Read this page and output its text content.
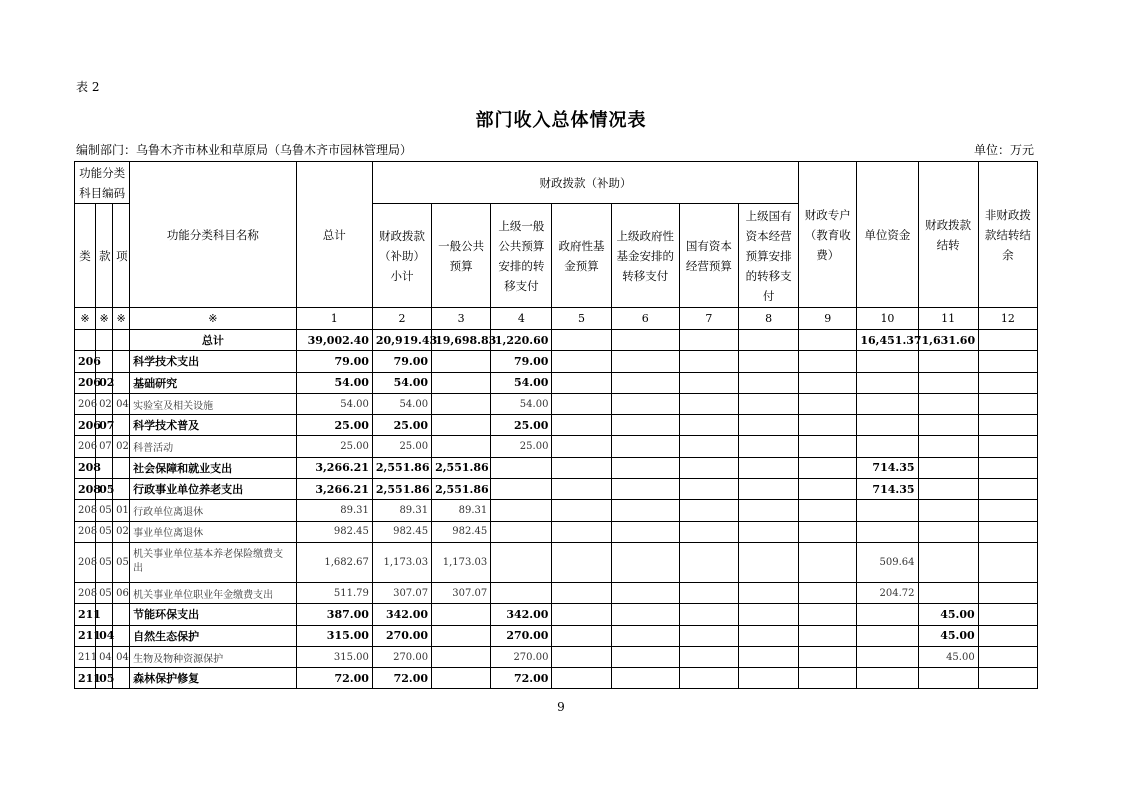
表 2
部门收入总体情况表
编制部门：乌鲁木齐市林业和草原局（乌鲁木齐市园林管理局）	单位：万元
功能分类科目编码			功能分类科目名称	总计	财政拨款（补助）							财政专户（教育收费）	单位资金	财政拨款结转	非财政拨款结转结余
类	款	项			财政拨款（补助）小计	一般公共预算	上级一般公共预算安排的转移支付	政府性基金预算	上级政府性基金安排的转移支付	国有资本经营预算	上级国有资本经营预算安排的转移支付				
※	※	※	※	1	2	3	4	5	6	7	8	9	10	11	12
			总计	39,002.40	20,919.43	19,698.83	1,220.60						16,451.37	1,631.60	
206			科学技术支出	79.00	79.00		79.00								
206	02		基础研究	54.00	54.00		54.00								
206	02	04	实验室及相关设施	54.00	54.00		54.00								
206	07		科学技术普及	25.00	25.00		25.00								
206	07	02	科普活动	25.00	25.00		25.00								
208			社会保障和就业支出	3,266.21	2,551.86	2,551.86							714.35		
208	05		行政事业单位养老支出	3,266.21	2,551.86	2,551.86							714.35		
208	05	01	行政单位离退休	89.31	89.31	89.31									
208	05	02	事业单位离退休	982.45	982.45	982.45									
208	05	05	机关事业单位基本养老保险缴费支出	1,682.67	1,173.03	1,173.03							509.64		
208	05	06	机关事业单位职业年金缴费支出	511.79	307.07	307.07							204.72		
211			节能环保支出	387.00	342.00		342.00							45.00	
211	04		自然生态保护	315.00	270.00		270.00							45.00	
211	04	04	生物及物种资源保护	315.00	270.00		270.00							45.00	
211	05		森林保护修复	72.00	72.00		72.00								
9
